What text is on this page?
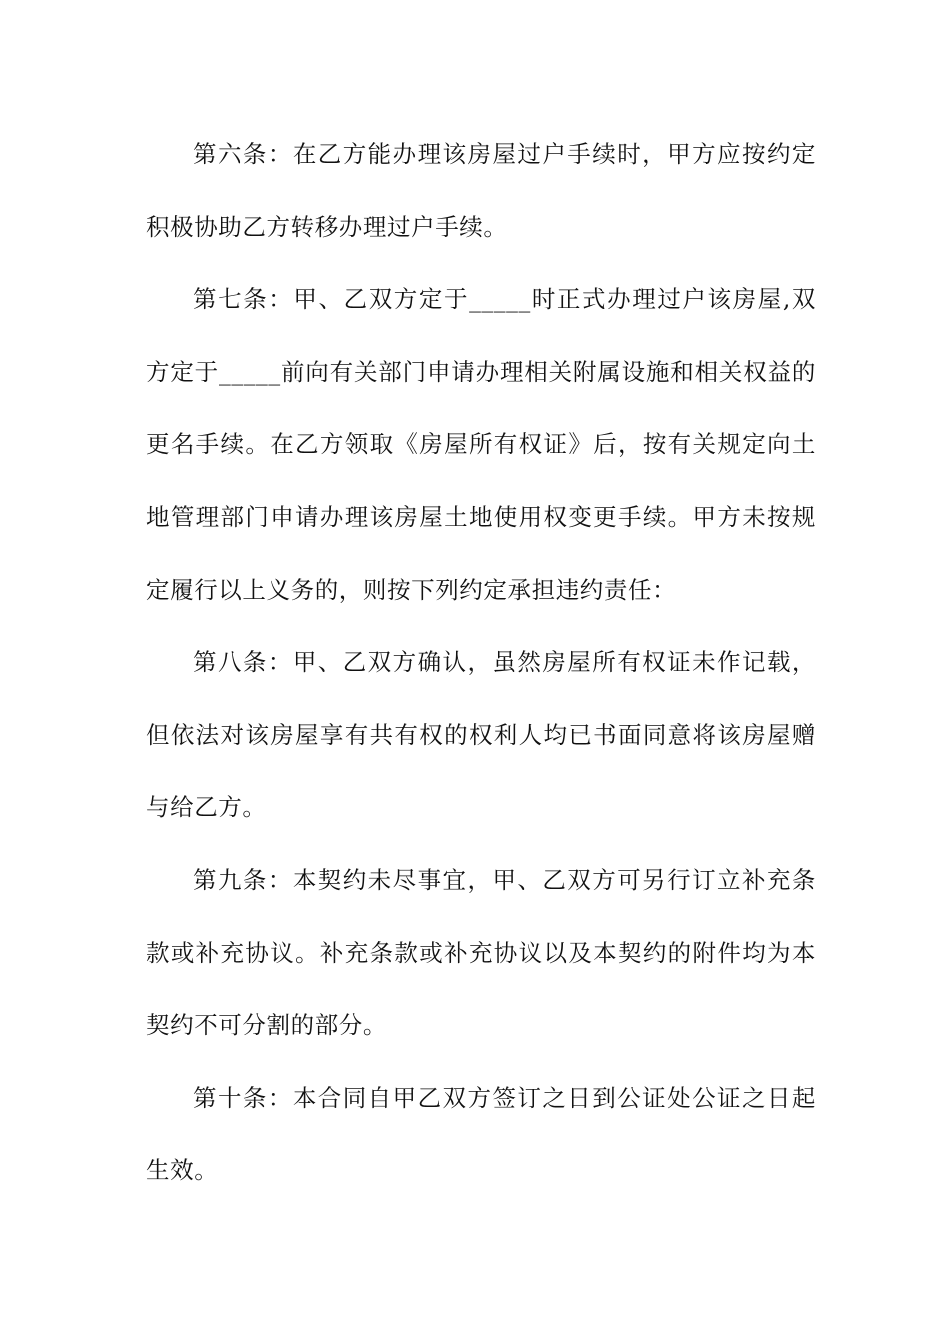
第六条：在乙方能办理该房屋过户手续时，甲方应按约定积极协助乙方转移办理过户手续。

第七条：甲、乙双方定于_____时正式办理过户该房屋,双方定于_____前向有关部门申请办理相关附属设施和相关权益的更名手续。在乙方领取《房屋所有权证》后，按有关规定向土地管理部门申请办理该房屋土地使用权变更手续。甲方未按规定履行以上义务的，则按下列约定承担违约责任：

第八条：甲、乙双方确认，虽然房屋所有权证未作记载，但依法对该房屋享有共有权的权利人均已书面同意将该房屋赠与给乙方。

第九条：本契约未尽事宜，甲、乙双方可另行订立补充条款或补充协议。补充条款或补充协议以及本契约的附件均为本契约不可分割的部分。

第十条：本合同自甲乙双方签订之日到公证处公证之日起生效。
